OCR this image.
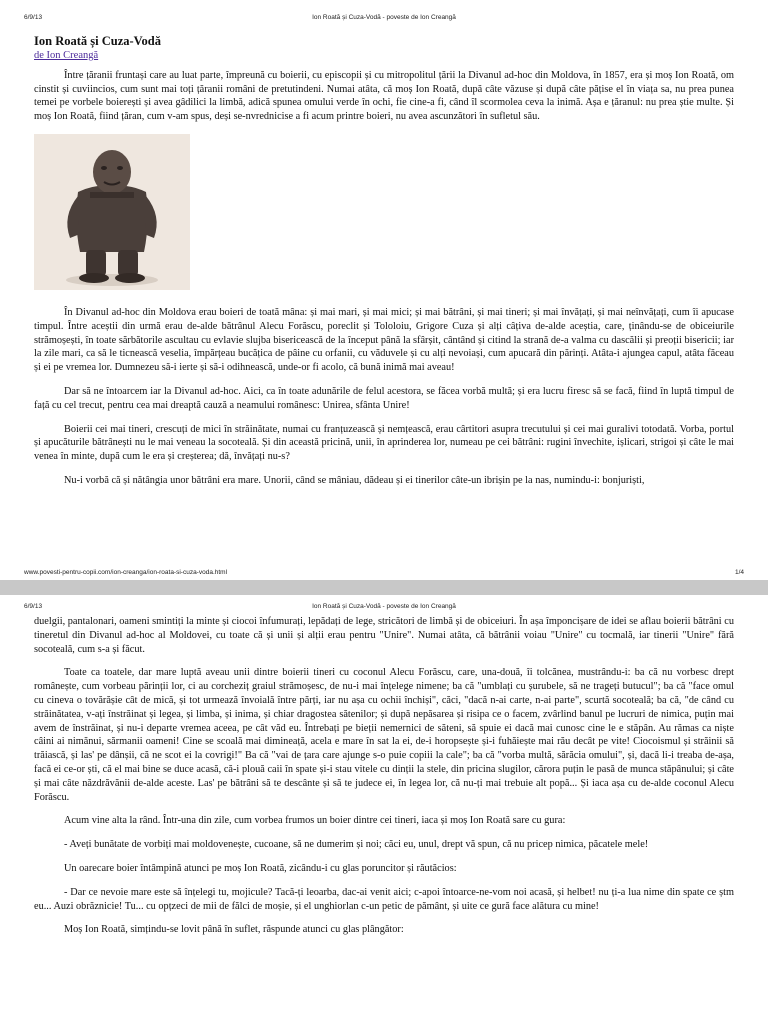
6/9/13	Ion Roată și Cuza-Vodă - poveste de Ion Creangă
Ion Roată și Cuza-Vodă
de Ion Creangă

Între țăranii fruntași care au luat parte, împreună cu boierii, cu episcopii și cu mitropolitul țării la Divanul ad-hoc din Moldova, în 1857, era și moș Ion Roată, om cinstit și cuviincios, cum sunt mai toți țăranii români de pretutindeni. Numai atâta, că moș Ion Roată, după câte văzuse și după câte pățise el în viața sa, nu prea punea temei pe vorbele boierești și avea gâdilici la limbă, adică spunea omului verde în ochi, fie cine-a fi, când îl scormolea ceva la inimă. Așa e țăranul: nu prea știe multe. Și moș Ion Roată, fiind țăran, cum v-am spus, deși se-nvrednicise a fi acum printre boieri, nu avea ascunzători în sufletul său.

În Divanul ad-hoc din Moldova erau boieri de toată mâna: și mai mari, și mai mici; și mai bătrâni, și mai tineri; și mai învățați, și mai neînvățați, cum îi apucase timpul. Între aceștii din urmă erau de-alde bătrânul Alecu Forăscu, poreclit și Tololoiu, Grigore Cuza și alți câțiva de-alde aceștia, care, ținându-se de obiceiurile strămoșești, în toate sărbătorile ascultau cu evlavie slujba bisericească de la început până la sfârșit, cântând și citind la strană de-a valma cu dascălii și preoții bisericii; iar la zile mari, ca să le ticnească veselia, împărțeau bucățica de pâine cu orfanii, cu văduvele și cu alți nevoiași, cum apucară din părinți. Atâta-i ajungea capul, atâta făceau și ei pe vremea lor. Dumnezeu să-i ierte și să-i odihnească, unde-or fi acolo, că bună inimă mai aveau!

Dar să ne întoarcem iar la Divanul ad-hoc. Aici, ca în toate adunările de felul acestora, se făcea vorbă multă; și era lucru firesc să se facă, fiind în luptă timpul de față cu cel trecut, pentru cea mai dreaptă cauză a neamului românesc: Unirea, sfânta Unire!

Boierii cei mai tineri, crescuți de mici în străinătate, numai cu franțuzească și nemțească, erau cârtitori asupra trecutului și cei mai guralivi totodată. Vorba, portul și apucăturile bătrânești nu le mai veneau la socoteală. Și din această pricină, unii, în aprinderea lor, numeau pe cei bătrâni: rugini învechite, ișlicari, strigoi și câte le mai venea în minte, după cum le era și creșterea; dă, învățați nu-s?

Nu-i vorbă că și nătângia unor bătrâni era mare. Unorii, când se mâniau, dădeau și ei tinerilor câte-un ibrișin pe la nas, numindu-i: bonjuriști,

www.povesti-pentru-copii.com/ion-creanga/ion-roata-si-cuza-voda.html	1/4
6/9/13	Ion Roată și Cuza-Vodă - poveste de Ion Creangă

duelgii, pantalonari, oameni smintiți la minte și ciocoi înfumurați, lepădați de lege, stricători de limbă și de obiceiuri. În așa împoncișare de idei se aflau boierii bătrâni cu tineretul din Divanul ad-hoc al Moldovei, cu toate că și unii și alții erau pentru "Unire". Numai atâta, că bătrânii voiau "Unire" cu tocmală, iar tinerii "Unire" fără socoteală, cum s-a și făcut.

Toate ca toatele, dar mare luptă aveau unii dintre boierii tineri cu coconul Alecu Forăscu, care, una-două, îi tolcănea, mustrându-i: ba că nu vorbesc drept românește, cum vorbeau părinții lor, ci au corcheziț graiul strămoșesc, de nu-i mai înțelege nimene; ba că "umblați cu șurubele, să ne trageți butucul"; ba că "face omul cu cineva o tovărășie cât de mică, și tot urmează învoială între părți, iar nu așa cu ochii închiși", căci, "dacă n-ai carte, n-ai parte", scurtă socoteală; ba că, "de când cu străinătatea, v-ați înstrăinat și legea, și limba, și inima, și chiar dragostea sătenilor; și după nepăsarea și risipa ce o facem, zvârlind banul pe lucruri de nimica, puțin mai avem de înstrăinat, și nu-i departe vremea aceea, pe cât văd eu. Întrebați pe bieții nemernici de săteni, să spuie ei dacă mai cunosc cine le e stăpân. Au rămas ca niște câini ai nimănui, sărmanii oameni! Cine se scoală mai dimineață, acela e mare în sat la ei, de-i horopsește și-i fuhăiește mai rău decât pe vite! Ciocoismul și străinii să trăiască, și las' pe dânșii, că ne scot ei la covrigi!" Ba că "vai de țara care ajunge s-o puie copiii la cale"; ba că "vorba multă, sărăcia omului", și, dacă li-i treaba de-așa, facă ei ce-or ști, că el mai bine se duce acasă, că-i plouă caii în spate și-i stau vitele cu dinții la stele, din pricina slugilor, cărora puțin le pasă de munca stăpânului; și câte și mai câte năzdrăvănii de-alde aceste. Las' pe bătrâni să te descânte și să te judece ei, în legea lor, că nu-ți mai trebuie alt popă... Și iaca așa cu de-alde coconul Alecu Forăscu.

Acum vine alta la rând. Într-una din zile, cum vorbea frumos un boier dintre cei tineri, iaca și moș Ion Roată sare cu gura:

- Aveți bunătate de vorbiți mai moldovenește, cucoane, să ne dumerim și noi; căci eu, unul, drept vă spun, că nu pricep nimica, păcatele mele!

Un oarecare boier întâmpină atunci pe moș Ion Roată, zicându-i cu glas poruncitor și răutăcios:

- Dar ce nevoie mare este să înțelegi tu, mojicule? Tacă-ți leoarba, dac-ai venit aici; c-apoi întoarce-ne-vom noi acasă, și helbet! nu ți-a lua nime din spate ce ștm eu... Auzi obrăznicie! Tu... cu opțzeci de mii de fălci de moșie, și el unghiorlan c-un petic de pământ, și uite ce gură face alătura cu mine!

Moș Ion Roată, simțindu-se lovit până în suflet, răspunde atunci cu glas plângător:
